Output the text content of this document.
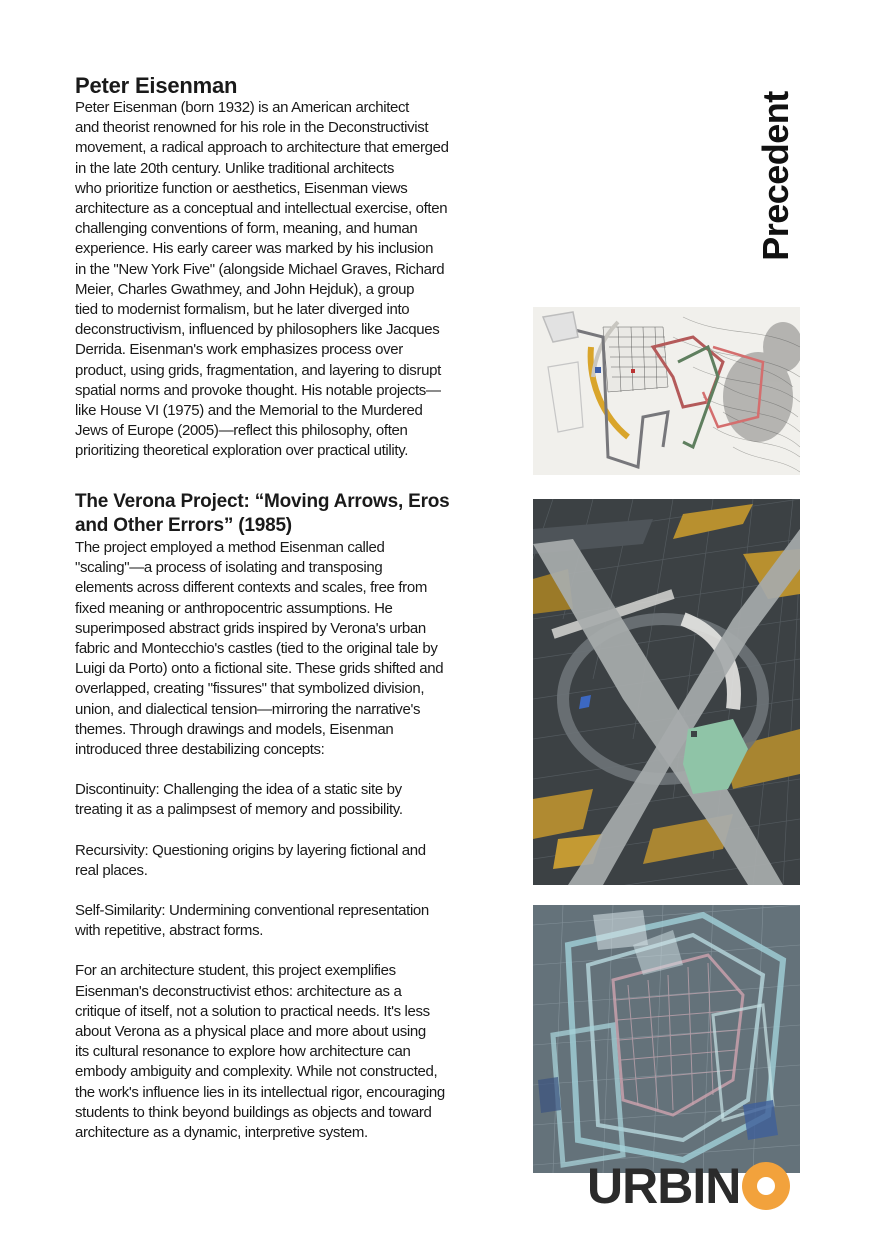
Peter Eisenman

Peter Eisenman (born 1932) is an American architect

and theorist renowned for his role in the Deconstructivist

movement, a radical approach to architecture that emerged

in the late 20th century. Unlike traditional architects

who prioritize function or aesthetics, Eisenman views

architecture as a conceptual and intellectual exercise, often

challenging conventions of form, meaning, and human

experience. His early career was marked by his inclusion

in the "New York Five" (alongside Michael Graves, Richard

Meier, Charles Gwathmey, and John Hejduk), a group

tied to modernist formalism, but he later diverged into

deconstructivism, influenced by philosophers like Jacques

Derrida. Eisenman's work emphasizes process over

product, using grids, fragmentation, and layering to disrupt

spatial norms and provoke thought. His notable projects—

like House VI (1975) and the Memorial to the Murdered

Jews of Europe (2005)—reflect this philosophy, often

prioritizing theoretical exploration over practical utility.

The Verona Project: “Moving Arrows, Eros
and Other Errors” (1985)

The project employed a method Eisenman called

"scaling"—a process of isolating and transposing

elements across different contexts and scales, free from

fixed meaning or anthropocentric assumptions. He

superimposed abstract grids inspired by Verona's urban

fabric and Montecchio's castles (tied to the original tale by

Luigi da Porto) onto a fictional site. These grids shifted and

overlapped, creating "fissures" that symbolized division,

union, and dialectical tension—mirroring the narrative's

themes. Through drawings and models, Eisenman

introduced three destabilizing concepts:

Discontinuity: Challenging the idea of a static site by

treating it as a palimpsest of memory and possibility.

Recursivity: Questioning origins by layering fictional and

real places.

Self-Similarity: Undermining conventional representation

with repetitive, abstract forms.

For an architecture student, this project exemplifies

Eisenman's deconstructivist ethos: architecture as a

critique of itself, not a solution to practical needs. It's less

about Verona as a physical place and more about using

its cultural resonance to explore how architecture can

embody ambiguity and complexity. While not constructed,

the work's influence lies in its intellectual rigor, encouraging

students to think beyond buildings as objects and toward

architecture as a dynamic, interpretive system.

Precedent
URBIN
